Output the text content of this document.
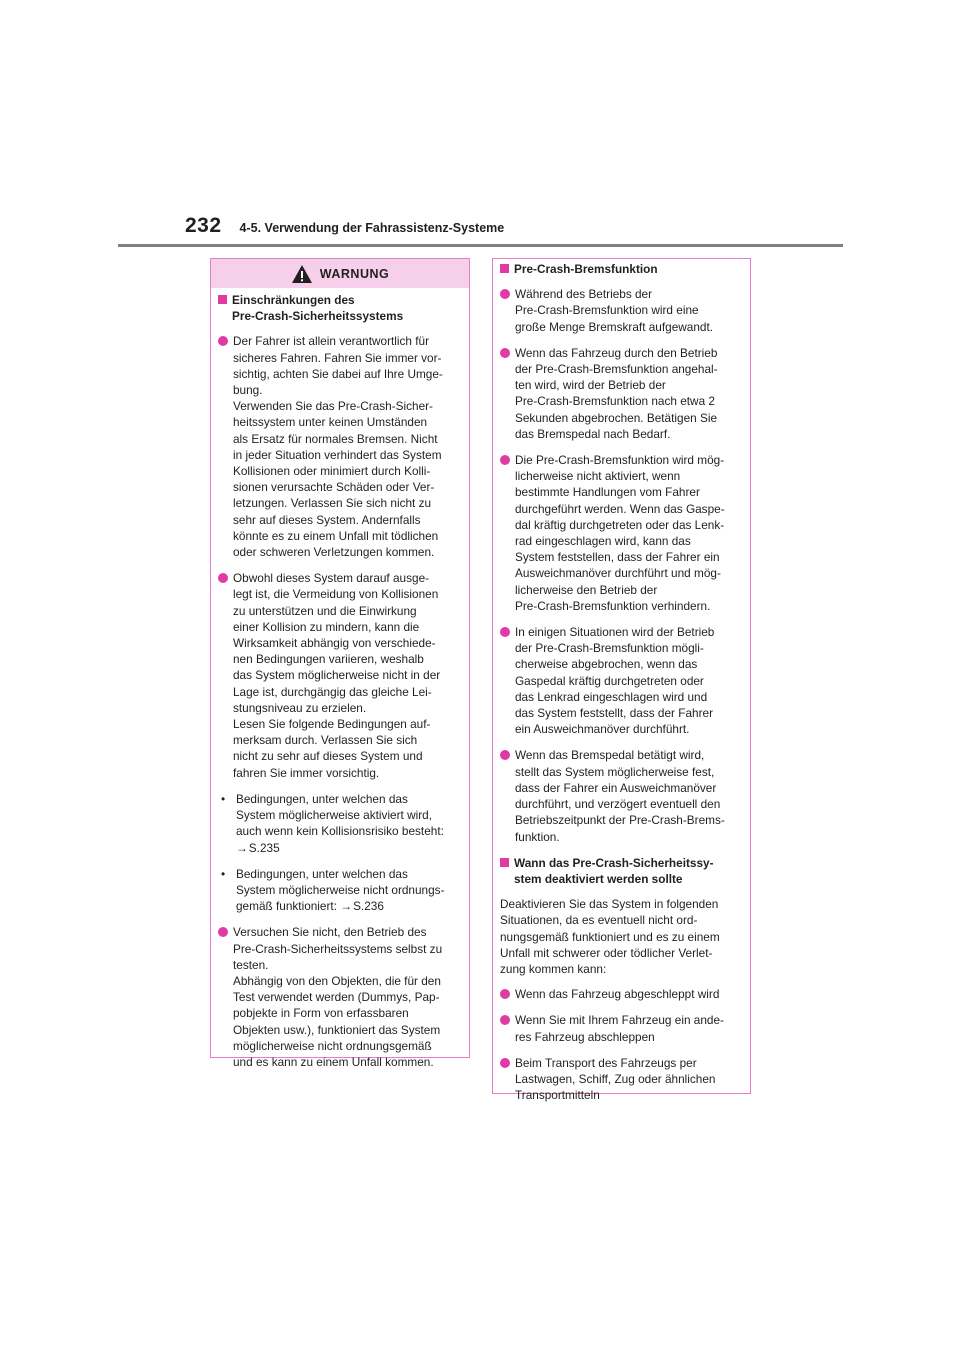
232 4-5. Verwendung der Fahrassistenz-Systeme
WARNUNG
Einschränkungen des
Pre-Crash-Sicherheitssystems
Der Fahrer ist allein verantwortlich für
sicheres Fahren. Fahren Sie immer vor-
sichtig, achten Sie dabei auf Ihre Umge-
bung.
Verwenden Sie das Pre-Crash-Sicher-
heitssystem unter keinen Umständen
als Ersatz für normales Bremsen. Nicht
in jeder Situation verhindert das System
Kollisionen oder minimiert durch Kolli-
sionen verursachte Schäden oder Ver-
letzungen. Verlassen Sie sich nicht zu
sehr auf dieses System. Andernfalls
könnte es zu einem Unfall mit tödlichen
oder schweren Verletzungen kommen.
Obwohl dieses System darauf ausge-
legt ist, die Vermeidung von Kollisionen
zu unterstützen und die Einwirkung
einer Kollision zu mindern, kann die
Wirksamkeit abhängig von verschiede-
nen Bedingungen variieren, weshalb
das System möglicherweise nicht in der
Lage ist, durchgängig das gleiche Lei-
stungsniveau zu erzielen.
Lesen Sie folgende Bedingungen auf-
merksam durch. Verlassen Sie sich
nicht zu sehr auf dieses System und
fahren Sie immer vorsichtig.
• Bedingungen, unter welchen das
System möglicherweise aktiviert wird,
auch wenn kein Kollisionsrisiko besteht:
→S.235
• Bedingungen, unter welchen das
System möglicherweise nicht ordnungs-
gemäß funktioniert: →S.236
Versuchen Sie nicht, den Betrieb des
Pre-Crash-Sicherheitssystems selbst zu
testen.
Abhängig von den Objekten, die für den
Test verwendet werden (Dummys, Pap-
pobjekte in Form von erfassbaren
Objekten usw.), funktioniert das System
möglicherweise nicht ordnungsgemäß
und es kann zu einem Unfall kommen.
Pre-Crash-Bremsfunktion
Während des Betriebs der
Pre-Crash-Bremsfunktion wird eine
große Menge Bremskraft aufgewandt.
Wenn das Fahrzeug durch den Betrieb
der Pre-Crash-Bremsfunktion angehal-
ten wird, wird der Betrieb der
Pre-Crash-Bremsfunktion nach etwa 2
Sekunden abgebrochen. Betätigen Sie
das Bremspedal nach Bedarf.
Die Pre-Crash-Bremsfunktion wird mög-
licherweise nicht aktiviert, wenn
bestimmte Handlungen vom Fahrer
durchgeführt werden. Wenn das Gaspe-
dal kräftig durchgetreten oder das Lenk-
rad eingeschlagen wird, kann das
System feststellen, dass der Fahrer ein
Ausweichmanöver durchführt und mög-
licherweise den Betrieb der
Pre-Crash-Bremsfunktion verhindern.
In einigen Situationen wird der Betrieb
der Pre-Crash-Bremsfunktion mögli-
cherweise abgebrochen, wenn das
Gaspedal kräftig durchgetreten oder
das Lenkrad eingeschlagen wird und
das System feststellt, dass der Fahrer
ein Ausweichmanöver durchführt.
Wenn das Bremspedal betätigt wird,
stellt das System möglicherweise fest,
dass der Fahrer ein Ausweichmanöver
durchführt, und verzögert eventuell den
Betriebszeitpunkt der Pre-Crash-Brems-
funktion.
Wann das Pre-Crash-Sicherheitssy-
stem deaktiviert werden sollte
Deaktivieren Sie das System in folgenden
Situationen, da es eventuell nicht ord-
nungsgemäß funktioniert und es zu einem
Unfall mit schwerer oder tödlicher Verlet-
zung kommen kann:
Wenn das Fahrzeug abgeschleppt wird
Wenn Sie mit Ihrem Fahrzeug ein ande-
res Fahrzeug abschleppen
Beim Transport des Fahrzeugs per
Lastwagen, Schiff, Zug oder ähnlichen
Transportmitteln
